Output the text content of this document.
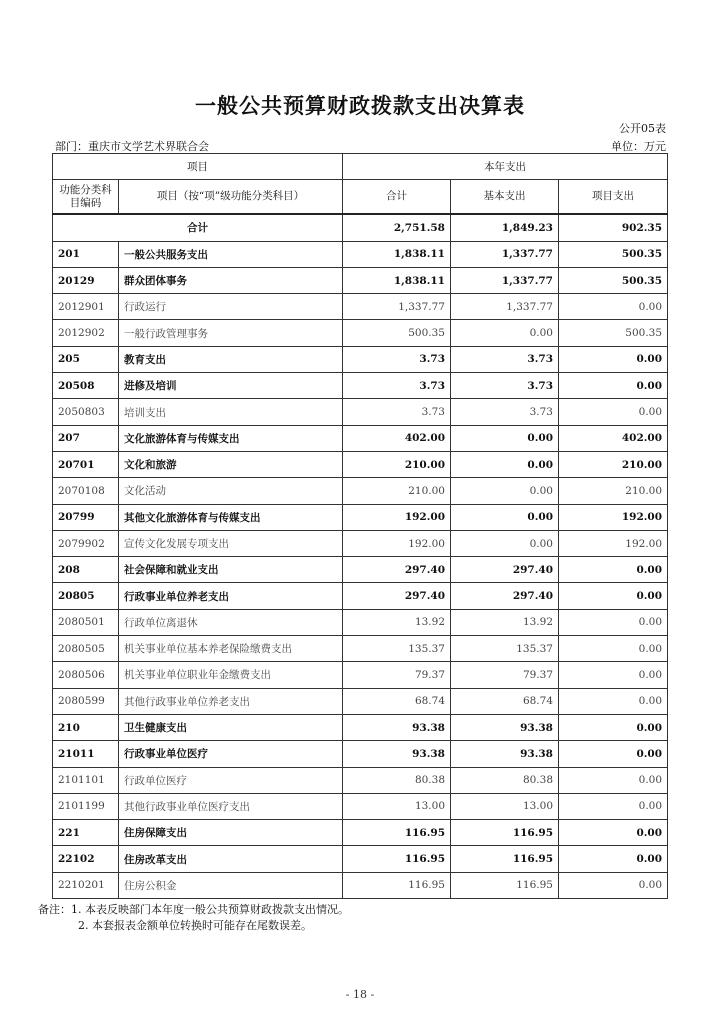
一般公共预算财政拨款支出决算表
公开05表
部门：重庆市文学艺术界联合会	单位：万元
项目		本年支出		
功能分类科目编码	项目（按“项”级功能分类科目）	合计	基本支出	项目支出
合计		2,751.58	1,849.23	902.35
201	一般公共服务支出	1,838.11	1,337.77	500.35
20129	群众团体事务	1,838.11	1,337.77	500.35
2012901	行政运行	1,337.77	1,337.77	0.00
2012902	一般行政管理事务	500.35	0.00	500.35
205	教育支出	3.73	3.73	0.00
20508	进修及培训	3.73	3.73	0.00
2050803	培训支出	3.73	3.73	0.00
207	文化旅游体育与传媒支出	402.00	0.00	402.00
20701	文化和旅游	210.00	0.00	210.00
2070108	文化活动	210.00	0.00	210.00
20799	其他文化旅游体育与传媒支出	192.00	0.00	192.00
2079902	宣传文化发展专项支出	192.00	0.00	192.00
208	社会保障和就业支出	297.40	297.40	0.00
20805	行政事业单位养老支出	297.40	297.40	0.00
2080501	行政单位离退休	13.92	13.92	0.00
2080505	机关事业单位基本养老保险缴费支出	135.37	135.37	0.00
2080506	机关事业单位职业年金缴费支出	79.37	79.37	0.00
2080599	其他行政事业单位养老支出	68.74	68.74	0.00
210	卫生健康支出	93.38	93.38	0.00
21011	行政事业单位医疗	93.38	93.38	0.00
2101101	行政单位医疗	80.38	80.38	0.00
2101199	其他行政事业单位医疗支出	13.00	13.00	0.00
221	住房保障支出	116.95	116.95	0.00
22102	住房改革支出	116.95	116.95	0.00
2210201	住房公积金	116.95	116.95	0.00
备注：1. 本表反映部门本年度一般公共预算财政拨款支出情况。
2. 本套报表金额单位转换时可能存在尾数误差。
- 18 -
